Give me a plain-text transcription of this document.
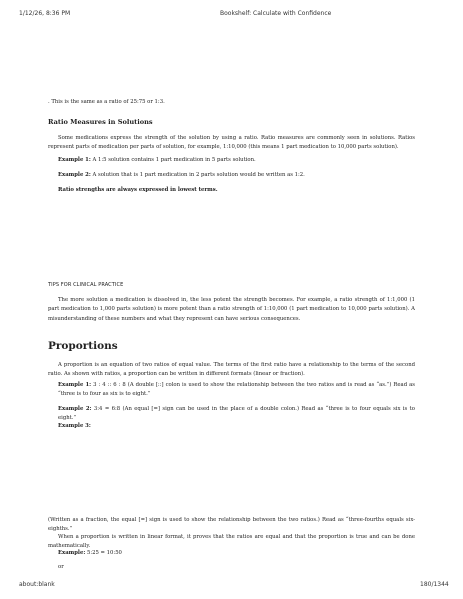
1/12/26, 8:36 PM	Bookshelf: Calculate with Confidence
. This is the same as a ratio of 25:75 or 1:3.
Ratio Measures in Solutions
Some medications express the strength of the solution by using a ratio. Ratio measures are commonly seen in solutions. Ratios represent parts of medication per parts of solution, for example, 1:10,000 (this means 1 part medication to 10,000 parts solution).
Example 1: A 1:5 solution contains 1 part medication in 5 parts solution.
Example 2: A solution that is 1 part medication in 2 parts solution would be written as 1:2.
Ratio strengths are always expressed in lowest terms.
TIPS FOR CLINICAL PRACTICE
The more solution a medication is dissolved in, the less potent the strength becomes. For example, a ratio strength of 1:1,000 (1 part medication to 1,000 parts solution) is more potent than a ratio strength of 1:10,000 (1 part medication to 10,000 parts solution). A misunderstanding of these numbers and what they represent can have serious consequences.
Proportions
A proportion is an equation of two ratios of equal value. The terms of the first ratio have a relationship to the terms of the second ratio. As shown with ratios, a proportion can be written in different formats (linear or fraction).
Example 1: 3 : 4 :: 6 : 8 (A double [::] colon is used to show the relationship between the two ratios and is read as “as.”) Read as “three is to four as six is to eight.”
Example 2: 3:4 = 6:8 (An equal [=] sign can be used in the place of a double colon.) Read as “three is to four equals six is to eight.”
Example 3:
(Written as a fraction, the equal [=] sign is used to show the relationship between the two ratios.) Read as “three-fourths equals six-eighths.”
When a proportion is written in linear format, it proves that the ratios are equal and that the proportion is true and can be done mathematically.
Example: 5:25 = 10:50
or
about:blank	180/1344
